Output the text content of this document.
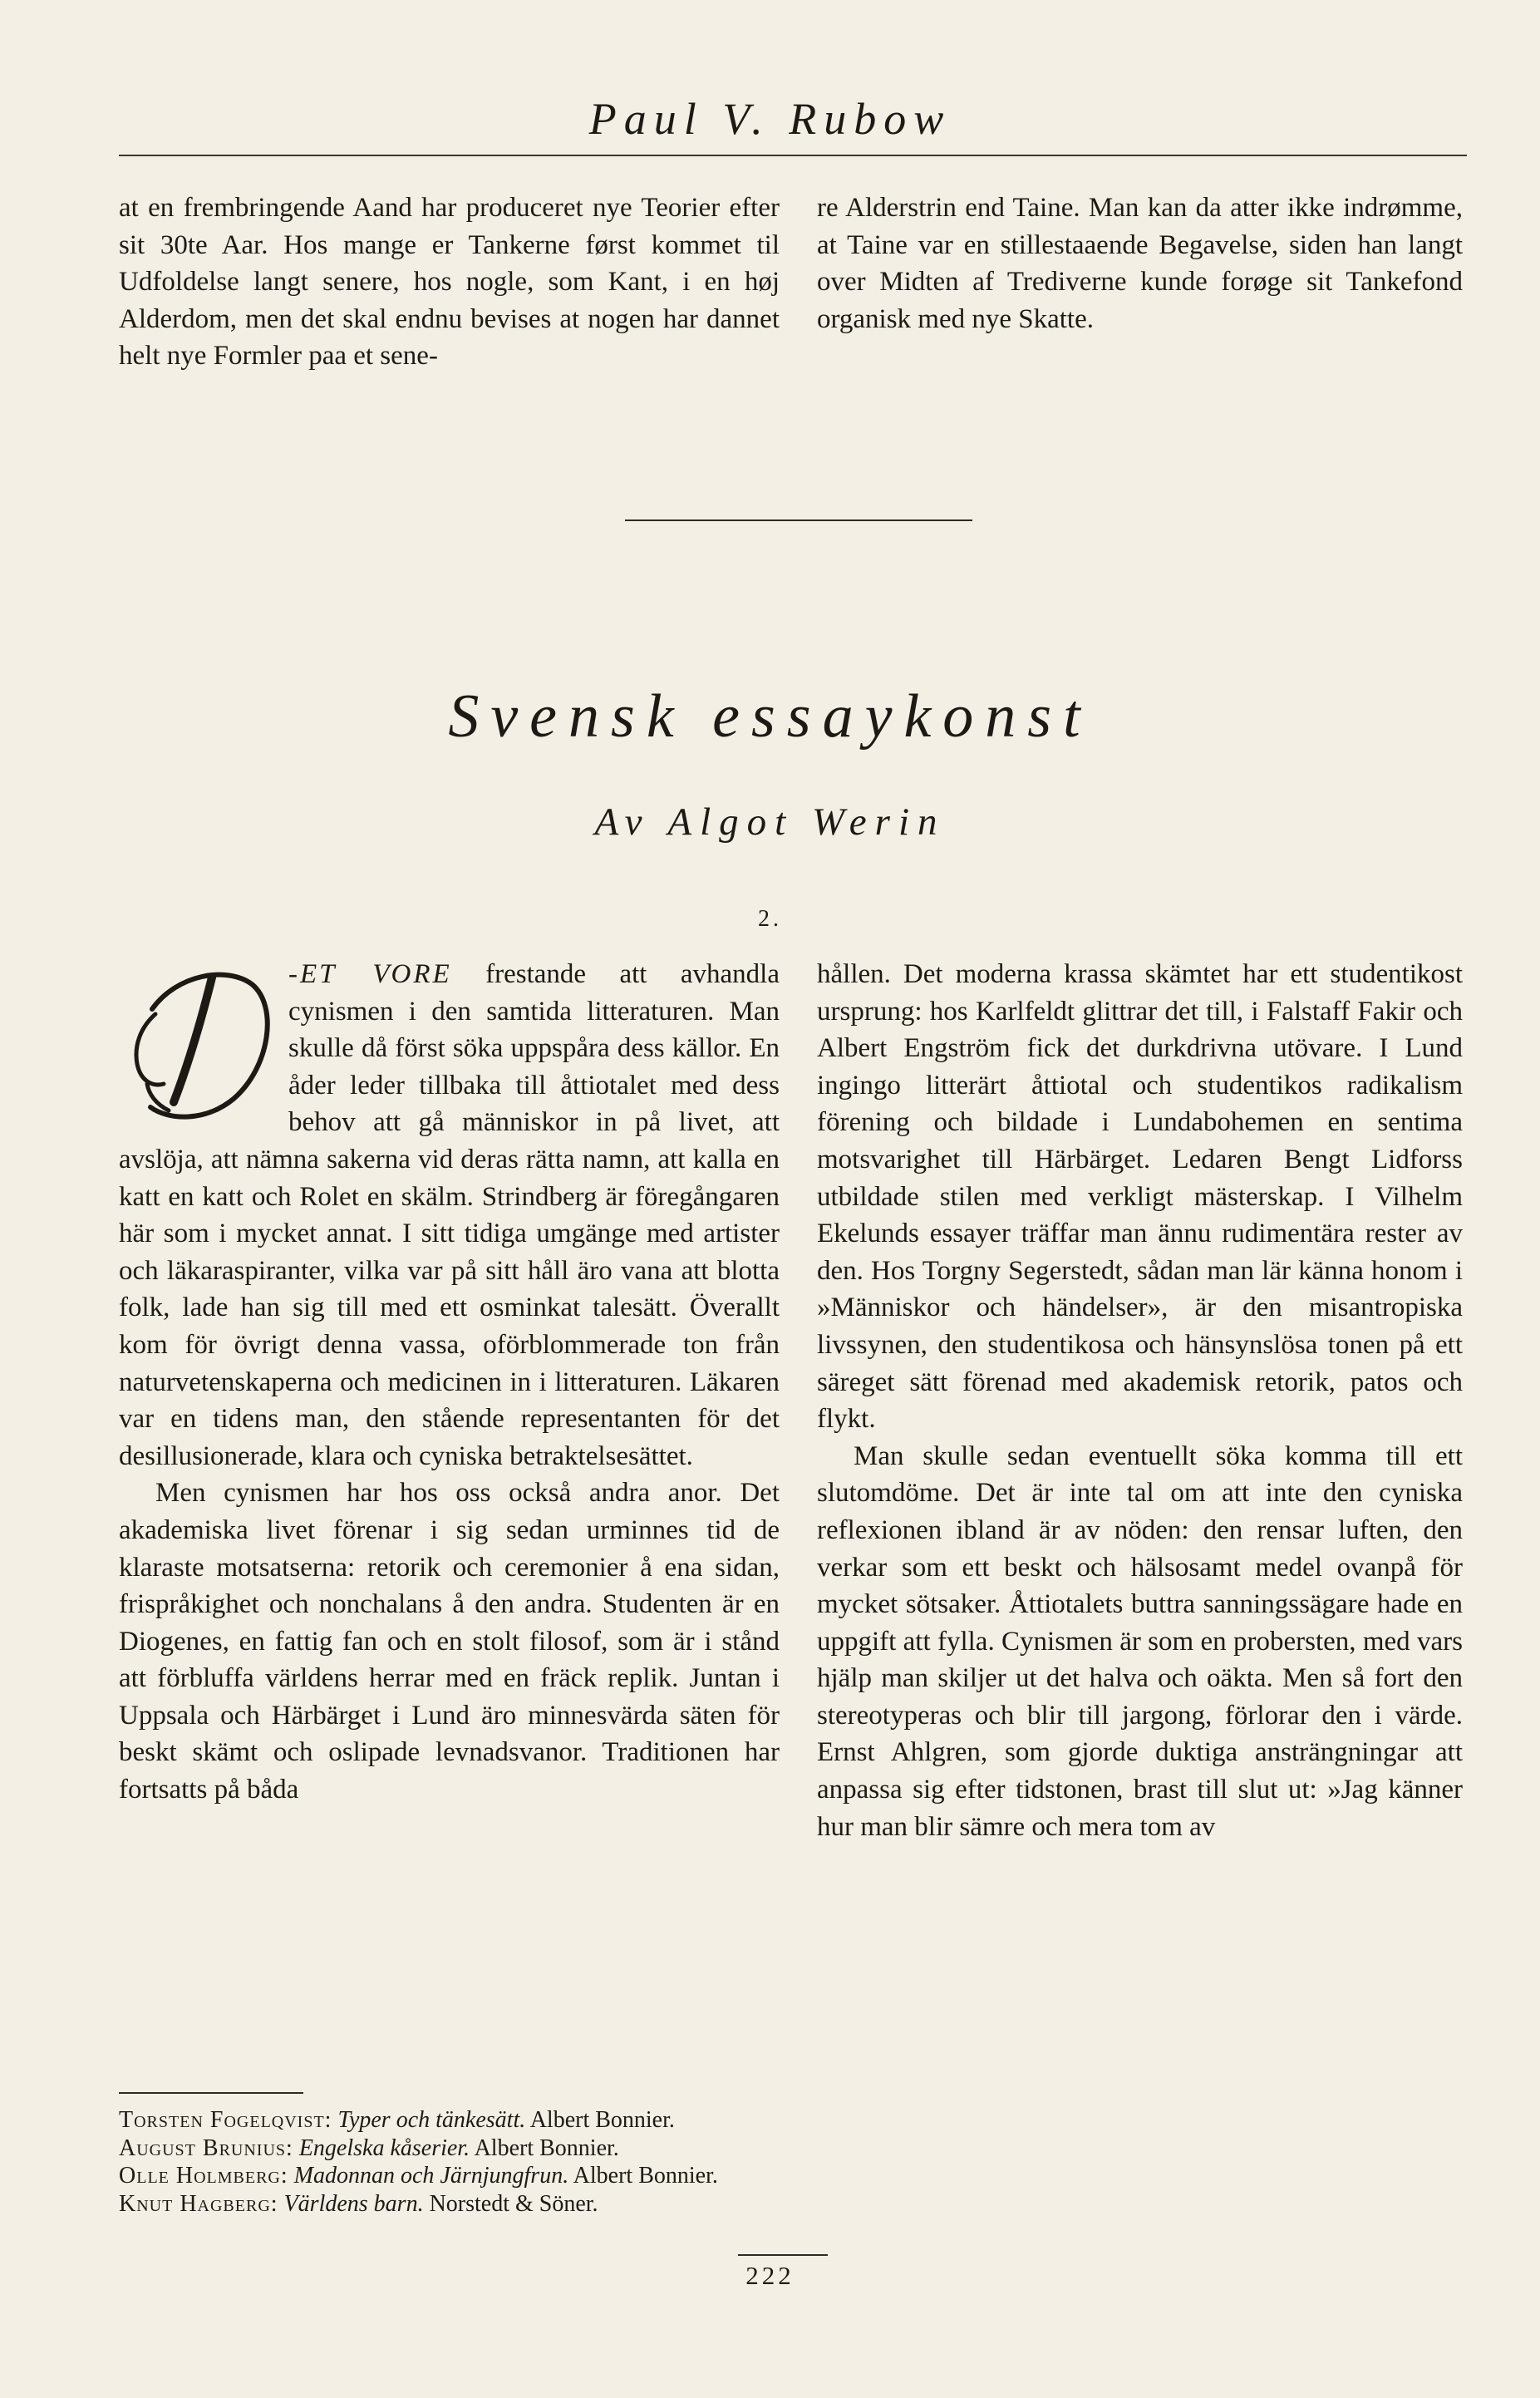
Paul V. Rubow

at en frembringende Aand har produceret nye Teorier efter sit 30te Aar. Hos mange er Tankerne først kommet til Udfoldelse langt senere, hos nogle, som Kant, i en høj Alderdom, men det skal endnu bevises at nogen har dannet helt nye Formler paa et sene-

re Alderstrin end Taine. Man kan da atter ikke indrømme, at Taine var en stillestaaende Begavelse, siden han langt over Midten af Trediverne kunde forøge sit Tankefond organisk med nye Skatte.

Svensk essaykonst
Av Algot Werin
2.
D

-ET VORE frestande att avhandla cynismen i den samtida litteraturen. Man skulle då först söka uppspåra dess källor. En åder leder tillbaka till åttiotalet med dess behov att gå människor in på livet, att avslöja, att nämna sakerna vid deras rätta namn, att kalla en katt en katt och Rolet en skälm. Strindberg är föregångaren här som i mycket annat. I sitt tidiga umgänge med artister och läkaraspiranter, vilka var på sitt håll äro vana att blotta folk, lade han sig till med ett osminkat talesätt. Överallt kom för övrigt denna vassa, oförblommerade ton från naturvetenskaperna och medicinen in i litteraturen. Läkaren var en tidens man, den stående representanten för det desillusionerade, klara och cyniska betraktelsesättet.

Men cynismen har hos oss också andra anor. Det akademiska livet förenar i sig sedan urminnes tid de klaraste motsatserna: retorik och ceremonier å ena sidan, frispråkighet och nonchalans å den andra. Studenten är en Diogenes, en fattig fan och en stolt filosof, som är i stånd att förbluffa världens herrar med en fräck replik. Juntan i Uppsala och Härbärget i Lund äro minnesvärda säten för beskt skämt och oslipade levnadsvanor. Traditionen har fortsatts på båda

hållen. Det moderna krassa skämtet har ett studentikost ursprung: hos Karlfeldt glittrar det till, i Falstaff Fakir och Albert Engström fick det durkdrivna utövare. I Lund ingingo litterärt åttiotal och studentikos radikalism förening och bildade i Lundabohemen en sentima motsvarighet till Härbärget. Ledaren Bengt Lidforss utbildade stilen med verkligt mästerskap. I Vilhelm Ekelunds essayer träffar man ännu rudimentära rester av den. Hos Torgny Segerstedt, sådan man lär känna honom i »Människor och händelser», är den misantropiska livssynen, den studentikosa och hänsynslösa tonen på ett säreget sätt förenad med akademisk retorik, patos och flykt.

Man skulle sedan eventuellt söka komma till ett slutomdöme. Det är inte tal om att inte den cyniska reflexionen ibland är av nöden: den rensar luften, den verkar som ett beskt och hälsosamt medel ovanpå för mycket sötsaker. Åttiotalets buttra sanningssägare hade en uppgift att fylla. Cynismen är som en probersten, med vars hjälp man skiljer ut det halva och oäkta. Men så fort den stereotyperas och blir till jargong, förlorar den i värde. Ernst Ahlgren, som gjorde duktiga ansträngningar att anpassa sig efter tidstonen, brast till slut ut: »Jag känner hur man blir sämre och mera tom av

Torsten Fogelqvist: Typer och tänkesätt. Albert Bonnier.
August Brunius: Engelska kåserier. Albert Bonnier.
Olle Holmberg: Madonnan och Järnjungfrun. Albert Bonnier.
Knut Hagberg: Världens barn. Norstedt & Söner.
222
